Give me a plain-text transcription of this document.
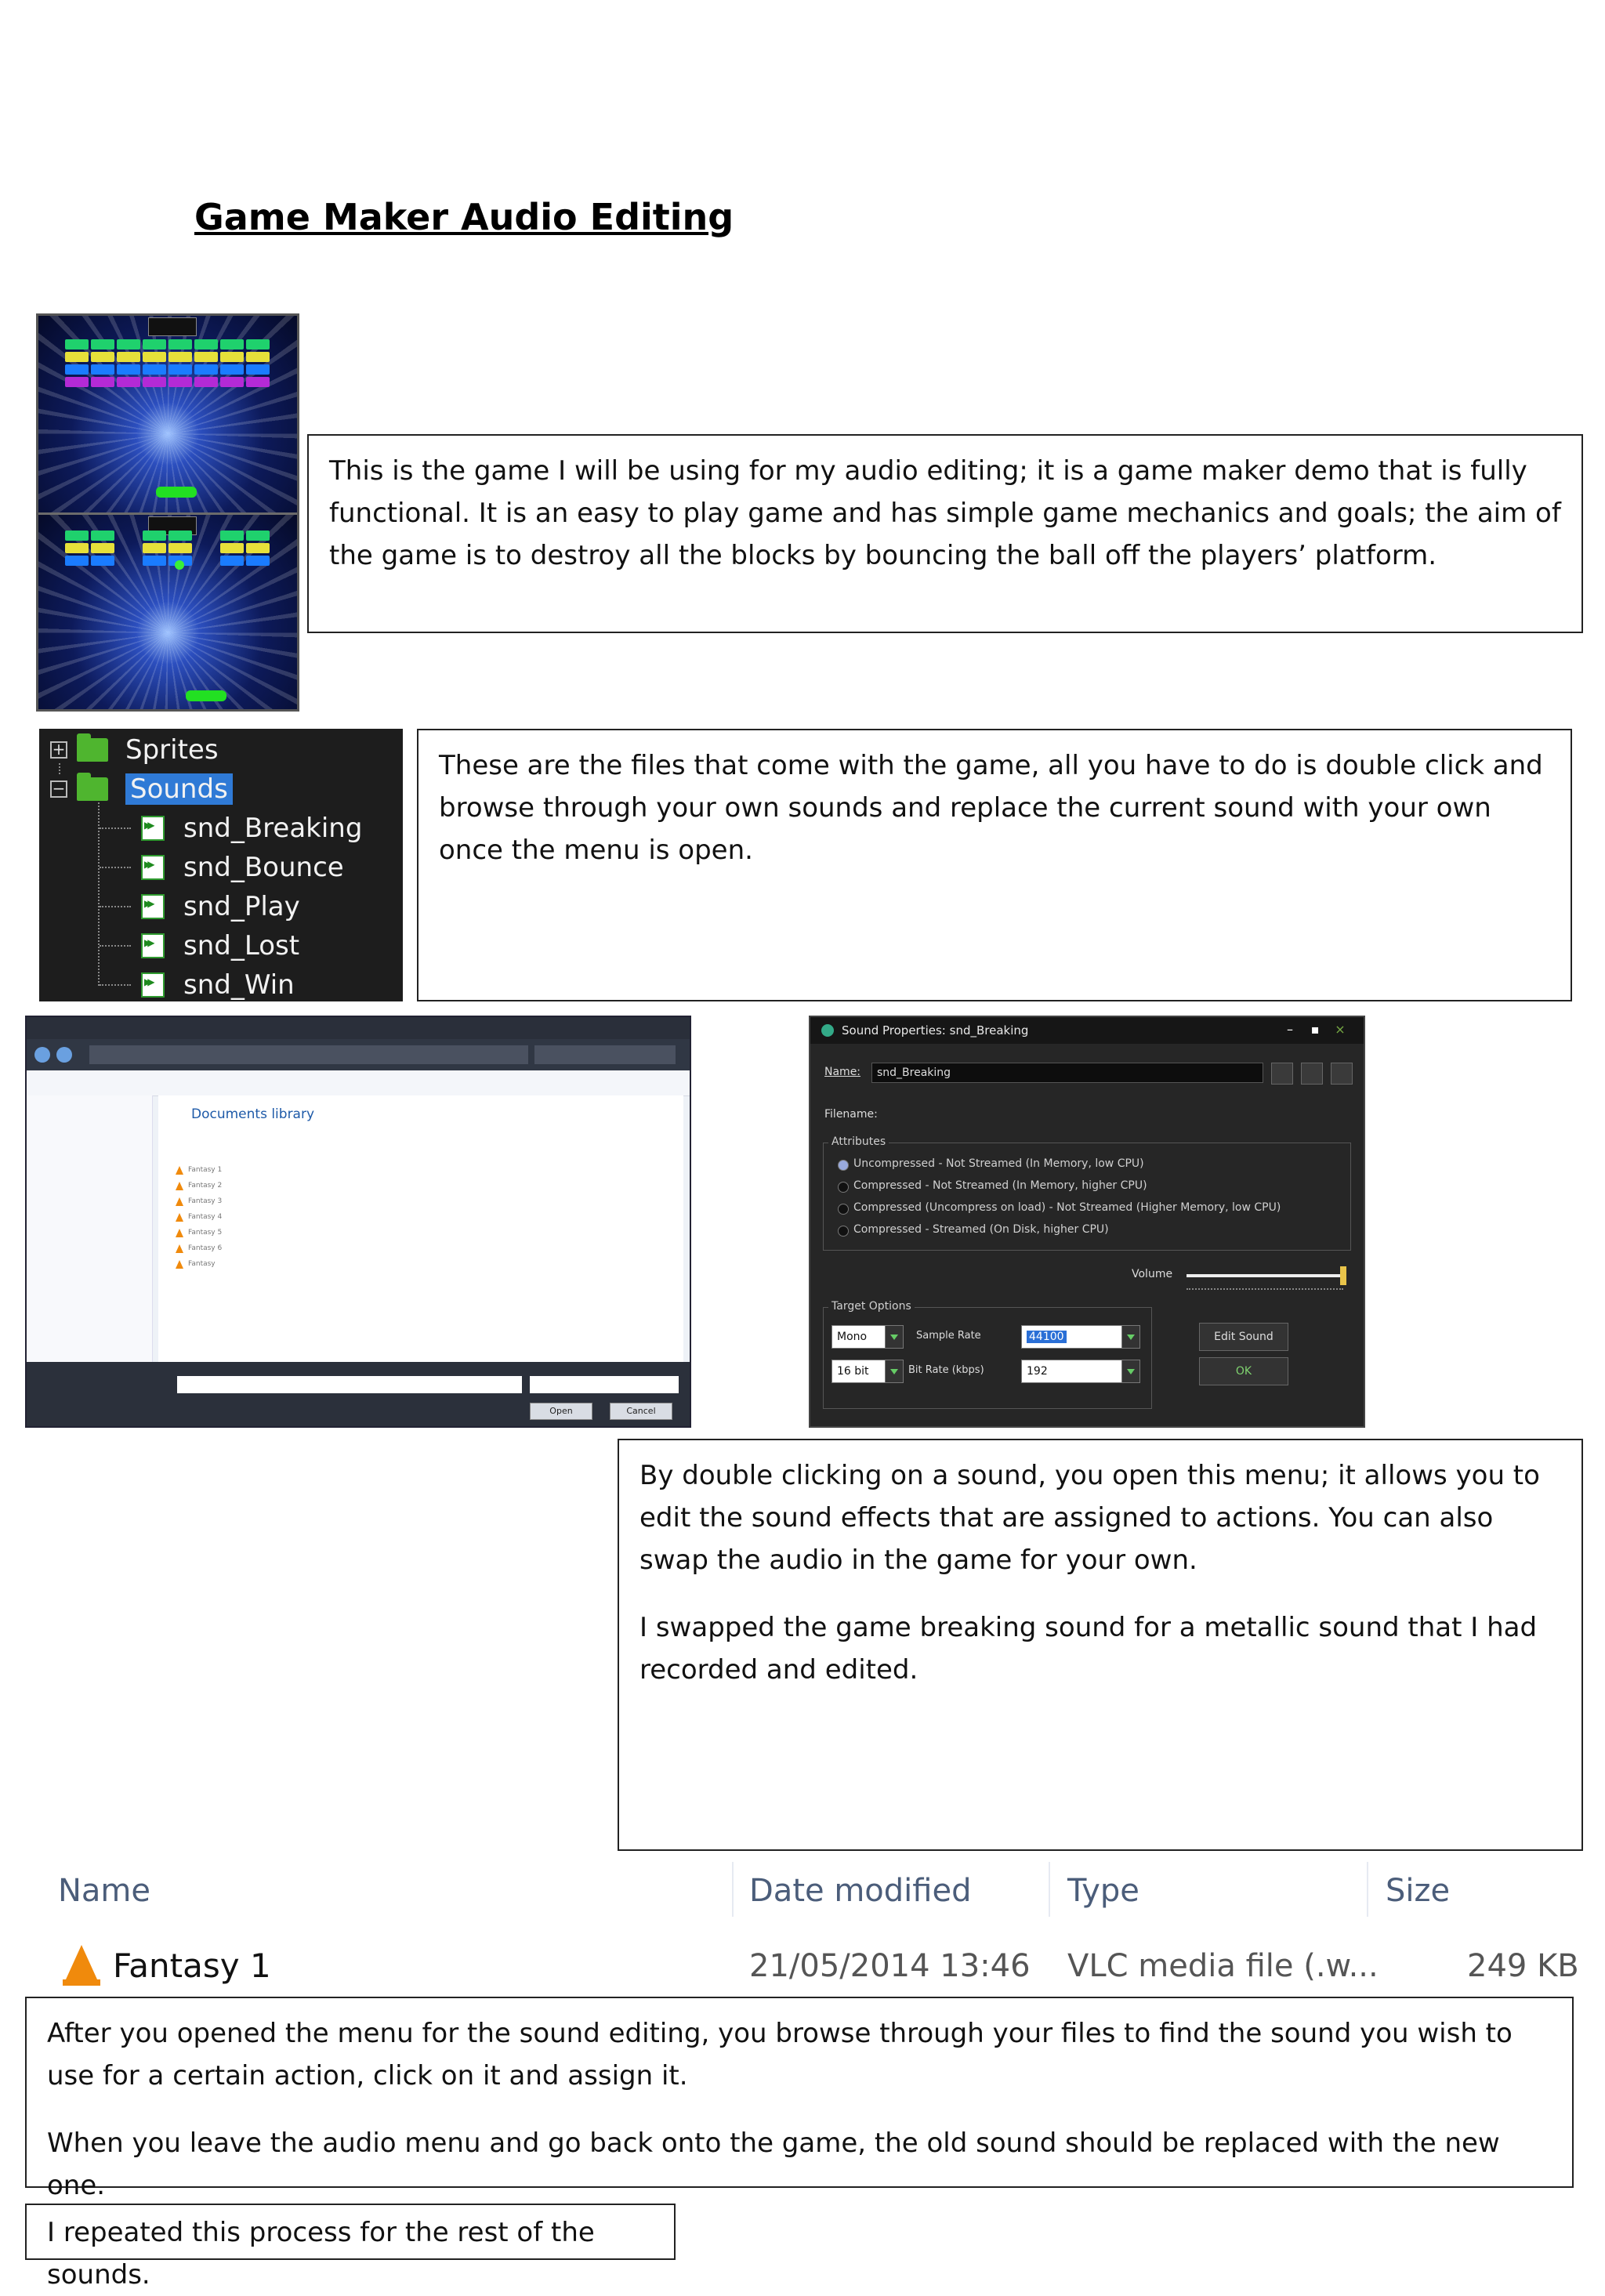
Game Maker Audio Editing

This is the game I will be using for my audio editing; it is a game maker demo that is fully functional. It is an easy to play game and has simple game mechanics and goals; the aim of the game is to destroy all the blocks by bouncing the ball off the players’ platform.

+ Sprites
− Sounds
▶▶
snd_Breaking
▶▶
snd_Bounce
▶▶
snd_Play
▶▶
snd_Lost
▶▶
snd_Win

These are the files that come with the game, all you have to do is double click and browse through your own sounds and replace the current sound with your own once the menu is open.

Documents library
Fantasy 1
Fantasy 2
Fantasy 3
Fantasy 4
Fantasy 5
Fantasy 6
Fantasy
Open	Cancel
Sound Properties: snd_Breaking	–	▪	×
Name:	snd_Breaking
Filename:
Attributes
Uncompressed - Not Streamed (In Memory, low CPU)
Compressed - Not Streamed (In Memory, higher CPU)
Compressed (Uncompress on load) - Not Streamed (Higher Memory, low CPU)
Compressed - Streamed (On Disk, higher CPU)
Volume
Target Options
Mono	Sample Rate	44100
16 bit	Bit Rate (kbps)	192
Edit Sound
OK

By double clicking on a sound, you open this menu; it allows you to edit the sound effects that are assigned to actions. You can also swap the audio in the game for your own.

I swapped the game breaking sound for a metallic sound that I had recorded and edited.

Name	Date modified	Type	Size
Fantasy 1	21/05/2014 13:46 VLC media file (.w...	249 KB

After you opened the menu for the sound editing, you browse through your files to find the sound you wish to use for a certain action, click on it and assign it.

When you leave the audio menu and go back onto the game, the old sound should be replaced with the new one.

I repeated this process for the rest of the sounds.
